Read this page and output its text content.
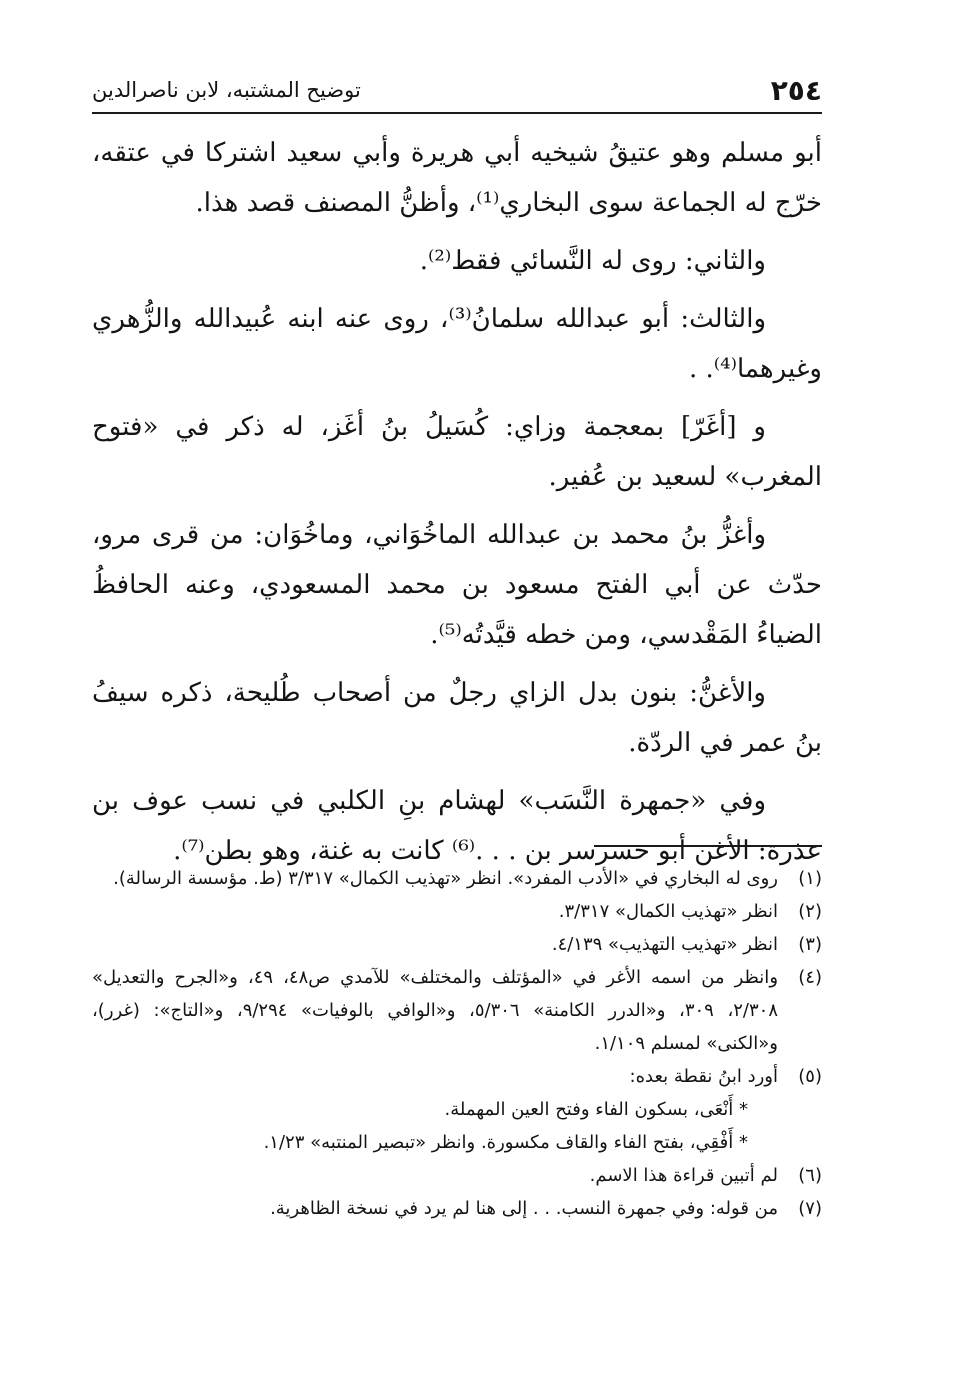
٢٥٤
توضيح المشتبه، لابن ناصرالدين

أبو مسلم وهو عتيقُ شيخيه أبي هريرة وأبي سعيد اشتركا في عتقه، خرّج له الجماعة سوى البخاري⁽¹⁾، وأظنُّ المصنف قصد هذا.

والثاني: روى له النَّسائي فقط⁽²⁾.

والثالث: أبو عبدالله سلمانُ⁽³⁾، روى عنه ابنه عُبيدالله والزُّهري وغيرهما⁽⁴⁾. .

و [أغَرّ] بمعجمة وزاي: كُسَيلُ بنُ أغَز، له ذكر في «فتوح المغرب» لسعيد بن عُفير.

وأغزُّ بنُ محمد بن عبدالله الماخُوَاني، وماخُوَان: من قرى مرو، حدّث عن أبي الفتح مسعود بن محمد المسعودي، وعنه الحافظُ الضياءُ المَقْدسي، ومن خطه قيَّدتُه⁽⁵⁾.

والأغنُّ: بنون بدل الزاي رجلٌ من أصحاب طُليحة، ذكره سيفُ بنُ عمر في الردّة.

وفي «جمهرة النَّسَب» لهشام بنِ الكلبي في نسب عوف بن عذرة: الأغن أبو حسرسر بن . . .⁽⁶⁾ كانت به غنة، وهو بطن⁽⁷⁾.

(١)
روى له البخاري في «الأدب المفرد». انظر «تهذيب الكمال» ٣/٣١٧ (ط. مؤسسة الرسالة).
(٢)
انظر «تهذيب الكمال» ٣/٣١٧.
(٣)
انظر «تهذيب التهذيب» ٤/١٣٩.
(٤)
وانظر من اسمه الأغر في «المؤتلف والمختلف» للآمدي ص٤٨، ٤٩، و«الجرح والتعديل» ٢/٣٠٨، ٣٠٩، و«الدرر الكامنة» ٥/٣٠٦، و«الوافي بالوفيات» ٩/٢٩٤، و«التاج»: (غرر)، و«الكنى» لمسلم ١/١٠٩.
(٥)
أورد ابنُ نقطة بعده:
* أَنْعَى، بسكون الفاء وفتح العين المهملة.
* أَفْقِي، بفتح الفاء والقاف مكسورة. وانظر «تبصير المنتبه» ١/٢٣.
(٦)
لم أتبين قراءة هذا الاسم.
(٧)
من قوله: وفي جمهرة النسب. . . إلى هنا لم يرد في نسخة الظاهرية.
